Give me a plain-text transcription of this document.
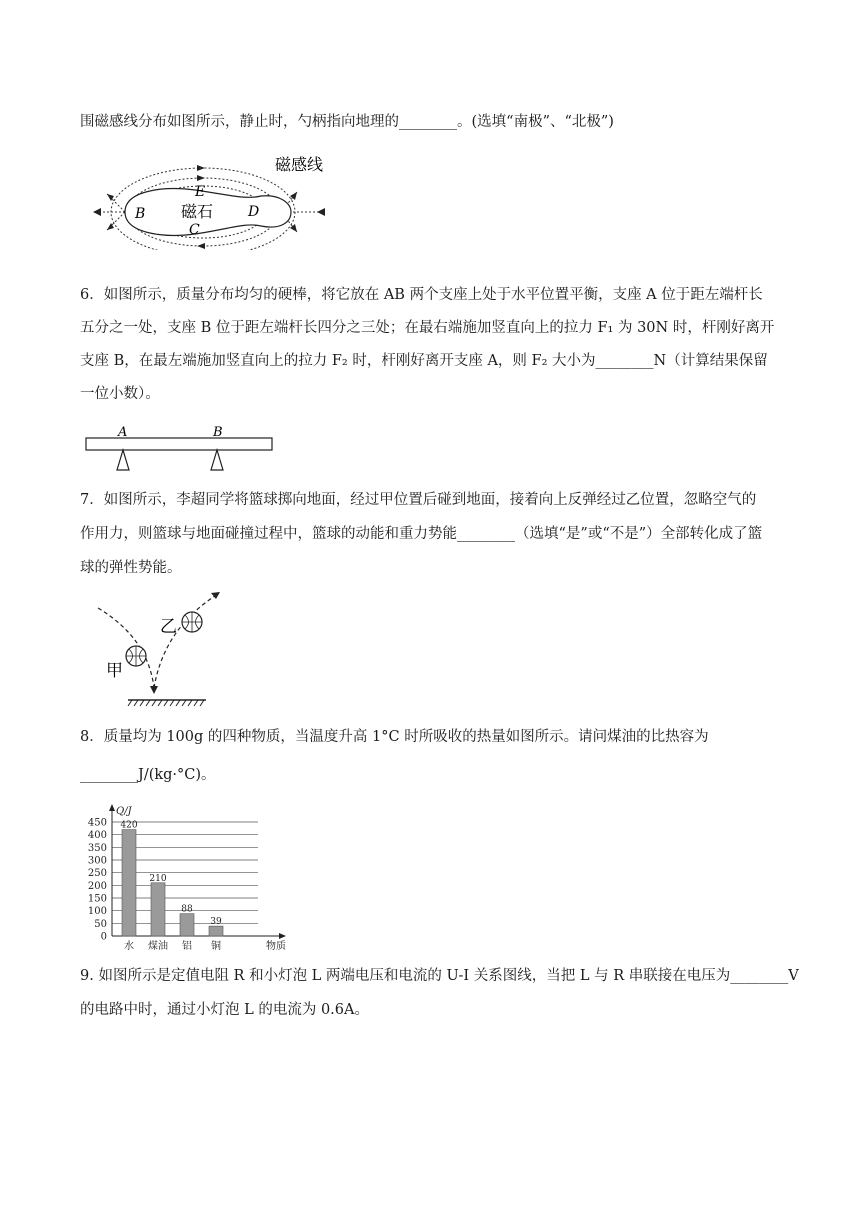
围磁感线分布如图所示，静止时，勺柄指向地理的________。(选填“南极”、“北极”)
磁感线
磁石
B
E
C
D
6．如图所示，质量分布均匀的硬棒，将它放在 AB 两个支座上处于水平位置平衡，支座 A 位于距左端杆长
五分之一处，支座 B 位于距左端杆长四分之三处；在最右端施加竖直向上的拉力 F₁ 为 30N 时，杆刚好离开
支座 B，在最左端施加竖直向上的拉力 F₂ 时，杆刚好离开支座 A，则 F₂ 大小为________N（计算结果保留
一位小数）。
A	B
7．如图所示，李超同学将篮球掷向地面，经过甲位置后碰到地面，接着向上反弹经过乙位置，忽略空气的
作用力，则篮球与地面碰撞过程中，篮球的动能和重力势能________（选填“是”或“不是”）全部转化成了篮
球的弹性势能。
甲
乙
8．质量均为 100g 的四种物质，当温度升高 1°C 时所吸收的热量如图所示。请问煤油的比热容为
________J/(kg·°C)。
0
50
100
150
200
250
300
350
400
450
Q/J
物质
420
水
210
煤油
88
铝
39
铜
9. 如图所示是定值电阻 R 和小灯泡 L 两端电压和电流的 U-I 关系图线，当把 L 与 R 串联接在电压为________V
的电路中时，通过小灯泡 L 的电流为 0.6A。
